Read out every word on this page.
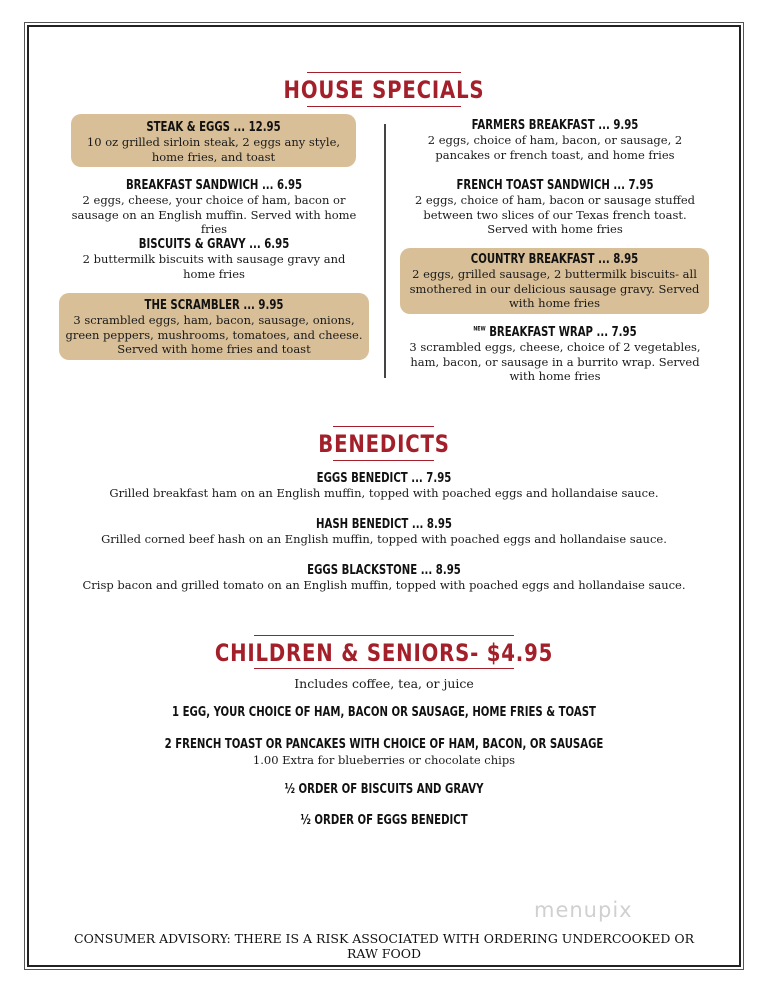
HOUSE SPECIALS
STEAK & EGGS ... 12.95
10 oz grilled sirloin steak, 2 eggs any style, home fries, and toast
BREAKFAST SANDWICH ... 6.95
2 eggs, cheese, your choice of ham, bacon or sausage on an English muffin. Served with home fries
BISCUITS & GRAVY ... 6.95
2 buttermilk biscuits with sausage gravy and home fries
THE SCRAMBLER ... 9.95
3 scrambled eggs, ham, bacon, sausage, onions, green peppers, mushrooms, tomatoes, and cheese. Served with home fries and toast
FARMERS BREAKFAST ... 9.95
2 eggs, choice of ham, bacon, or sausage, 2 pancakes or french toast, and home fries
FRENCH TOAST SANDWICH ... 7.95
2 eggs, choice of ham, bacon or sausage stuffed between two slices of our Texas french toast. Served with home fries
COUNTRY BREAKFAST ... 8.95
2 eggs, grilled sausage, 2 buttermilk biscuits- all smothered in our delicious sausage gravy. Served with home fries
$^{NEW}$ BREAKFAST WRAP ... 7.95
3 scrambled eggs, cheese, choice of 2 vegetables, ham, bacon, or sausage in a burrito wrap. Served with home fries
BENEDICTS
EGGS BENEDICT ... 7.95
Grilled breakfast ham on an English muffin, topped with poached eggs and hollandaise sauce.
HASH BENEDICT ... 8.95
Grilled corned beef hash on an English muffin, topped with poached eggs and hollandaise sauce.
EGGS BLACKSTONE ... 8.95
Crisp bacon and grilled tomato on an English muffin, topped with poached eggs and hollandaise sauce.
CHILDREN & SENIORS- $4.95
Includes coffee, tea, or juice
1 EGG, YOUR CHOICE OF HAM, BACON OR SAUSAGE, HOME FRIES & TOAST
2 FRENCH TOAST OR PANCAKES WITH CHOICE OF HAM, BACON, OR SAUSAGE
1.00 Extra for blueberries or chocolate chips
½ ORDER OF BISCUITS AND GRAVY
½ ORDER OF EGGS BENEDICT
menupix
CONSUMER ADVISORY: THERE IS A RISK ASSOCIATED WITH ORDERING UNDERCOOKED OR RAW FOOD
